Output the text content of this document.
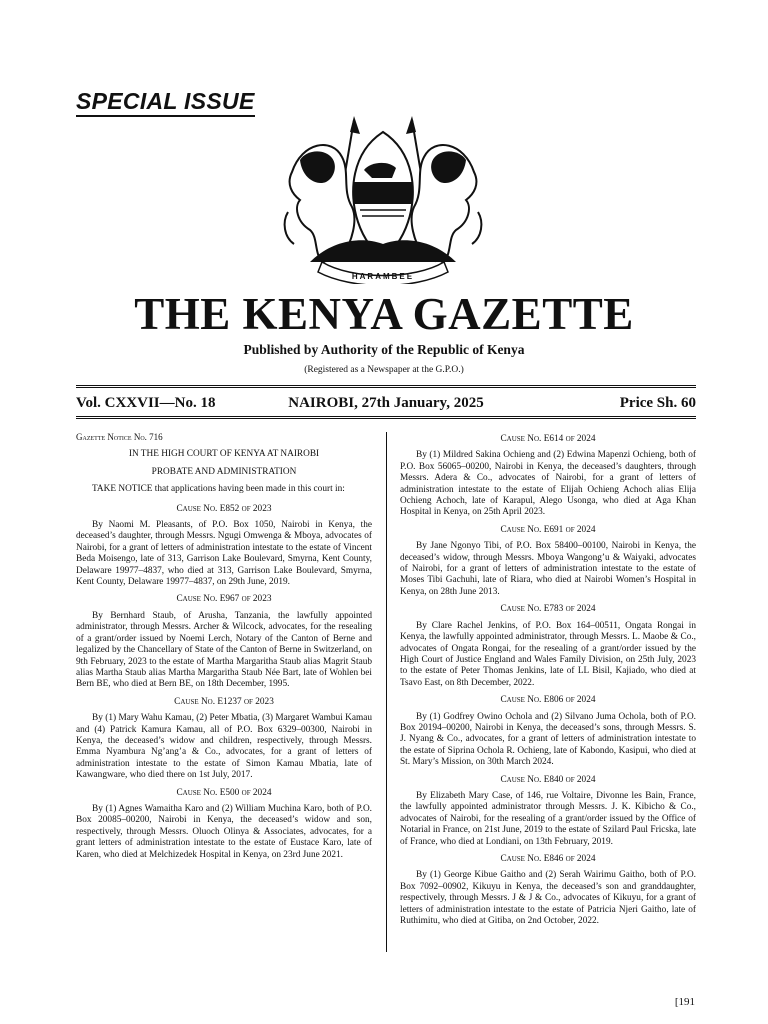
SPECIAL ISSUE
HARAMBEE
THE KENYA GAZETTE
Published by Authority of the Republic of Kenya
(Registered as a Newspaper at the G.P.O.)
Vol. CXXVII—No. 18	NAIROBI, 27th January, 2025	Price Sh. 60
Gazette Notice No. 716
IN THE HIGH COURT OF KENYA AT NAIROBI
PROBATE AND ADMINISTRATION

TAKE NOTICE that applications having been made in this court in:

Cause No. E852 of 2023

By Naomi M. Pleasants, of P.O. Box 1050, Nairobi in Kenya, the deceased’s daughter, through Messrs. Ngugi Omwenga & Mboya, advocates of Nairobi, for a grant of letters of administration intestate to the estate of Vincent Beda Moisengo, late of 313, Garrison Lake Boulevard, Smyrna, Kent County, Delaware 19977–4837, who died at 313, Garrison Lake Boulevard, Smyrna, Kent County, Delaware 19977–4837, on 29th June, 2019.

Cause No. E967 of 2023

By Bernhard Staub, of Arusha, Tanzania, the lawfully appointed administrator, through Messrs. Archer & Wilcock, advocates, for the resealing of a grant/order issued by Noemi Lerch, Notary of the Canton of Berne and legalized by the Chancellary of State of the Canton of Berne in Switzerland, on 9th February, 2023 to the estate of Martha Margaritha Staub alias Magrit Staub alias Martha Staub alias Martha Margaritha Staub Née Bart, late of Wohlen bei Bern BE, who died at Bern BE, on 18th December, 1995.

Cause No. E1237 of 2023

By (1) Mary Wahu Kamau, (2) Peter Mbatia, (3) Margaret Wambui Kamau and (4) Patrick Kamura Kamau, all of P.O. Box 6329–00300, Nairobi in Kenya, the deceased’s widow and children, respectively, through Messrs. Emma Nyambura Ng’ang’a & Co., advocates, for a grant of letters of administration intestate to the estate of Simon Kamau Mbatia, late of Kawangware, who died there on 1st July, 2017.

Cause No. E500 of 2024

By (1) Agnes Wamaitha Karo and (2) William Muchina Karo, both of P.O. Box 20085–00200, Nairobi in Kenya, the deceased’s widow and son, respectively, through Messrs. Oluoch Olinya & Associates, advocates, for a grant letters of administration intestate to the estate of Eustace Karo, late of Karen, who died at Melchizedek Hospital in Kenya, on 23rd June 2021.

Cause No. E614 of 2024

By (1) Mildred Sakina Ochieng and (2) Edwina Mapenzi Ochieng, both of P.O. Box 56065–00200, Nairobi in Kenya, the deceased’s daughters, through Messrs. Adera & Co., advocates of Nairobi, for a grant of letters of administration intestate to the estate of Elijah Ochieng Achoch alias Elija Ochieng Achoch, late of Karapul, Alego Usonga, who died at Aga Khan Hospital in Kenya, on 25th April 2023.

Cause No. E691 of 2024

By Jane Ngonyo Tibi, of P.O. Box 58400–00100, Nairobi in Kenya, the deceased’s widow, through Messrs. Mboya Wangong’u & Waiyaki, advocates of Nairobi, for a grant of letters of administration intestate to the estate of Moses Tibi Gachuhi, late of Riara, who died at Nairobi Women’s Hospital in Kenya, on 28th June 2013.

Cause No. E783 of 2024

By Clare Rachel Jenkins, of P.O. Box 164–00511, Ongata Rongai in Kenya, the lawfully appointed administrator, through Messrs. L. Maobe & Co., advocates of Ongata Rongai, for the resealing of a grant/order issued by the High Court of Justice England and Wales Family Division, on 25th July, 2023 to the estate of Peter Thomas Jenkins, late of LL Bisil, Kajiado, who died at Tsavo East, on 8th December, 2022.

Cause No. E806 of 2024

By (1) Godfrey Owino Ochola and (2) Silvano Juma Ochola, both of P.O. Box 20194–00200, Nairobi in Kenya, the deceased’s sons, through Messrs. S. J. Nyang & Co., advocates, for a grant of letters of administration intestate to the estate of Siprina Ochola R. Ochieng, late of Kabondo, Kasipui, who died at St. Mary’s Mission, on 30th March 2024.

Cause No. E840 of 2024

By Elizabeth Mary Case, of 146, rue Voltaire, Divonne les Bain, France, the lawfully appointed administrator through Messrs. J. K. Kibicho & Co., advocates of Nairobi, for the resealing of a grant/order issued by the Office of Notarial in France, on 21st June, 2019 to the estate of Szilard Paul Fricska, late of France, who died at Londiani, on 13th February, 2019.

Cause No. E846 of 2024

By (1) George Kibue Gaitho and (2) Serah Wairimu Gaitho, both of P.O. Box 7092–00902, Kikuyu in Kenya, the deceased’s son and granddaughter, respectively, through Messrs. J & J & Co., advocates of Kikuyu, for a grant of letters of administration intestate to the estate of Patricia Njeri Gaitho, late of Ruthimitu, who died at Gitiba, on 2nd October, 2022.

[191
